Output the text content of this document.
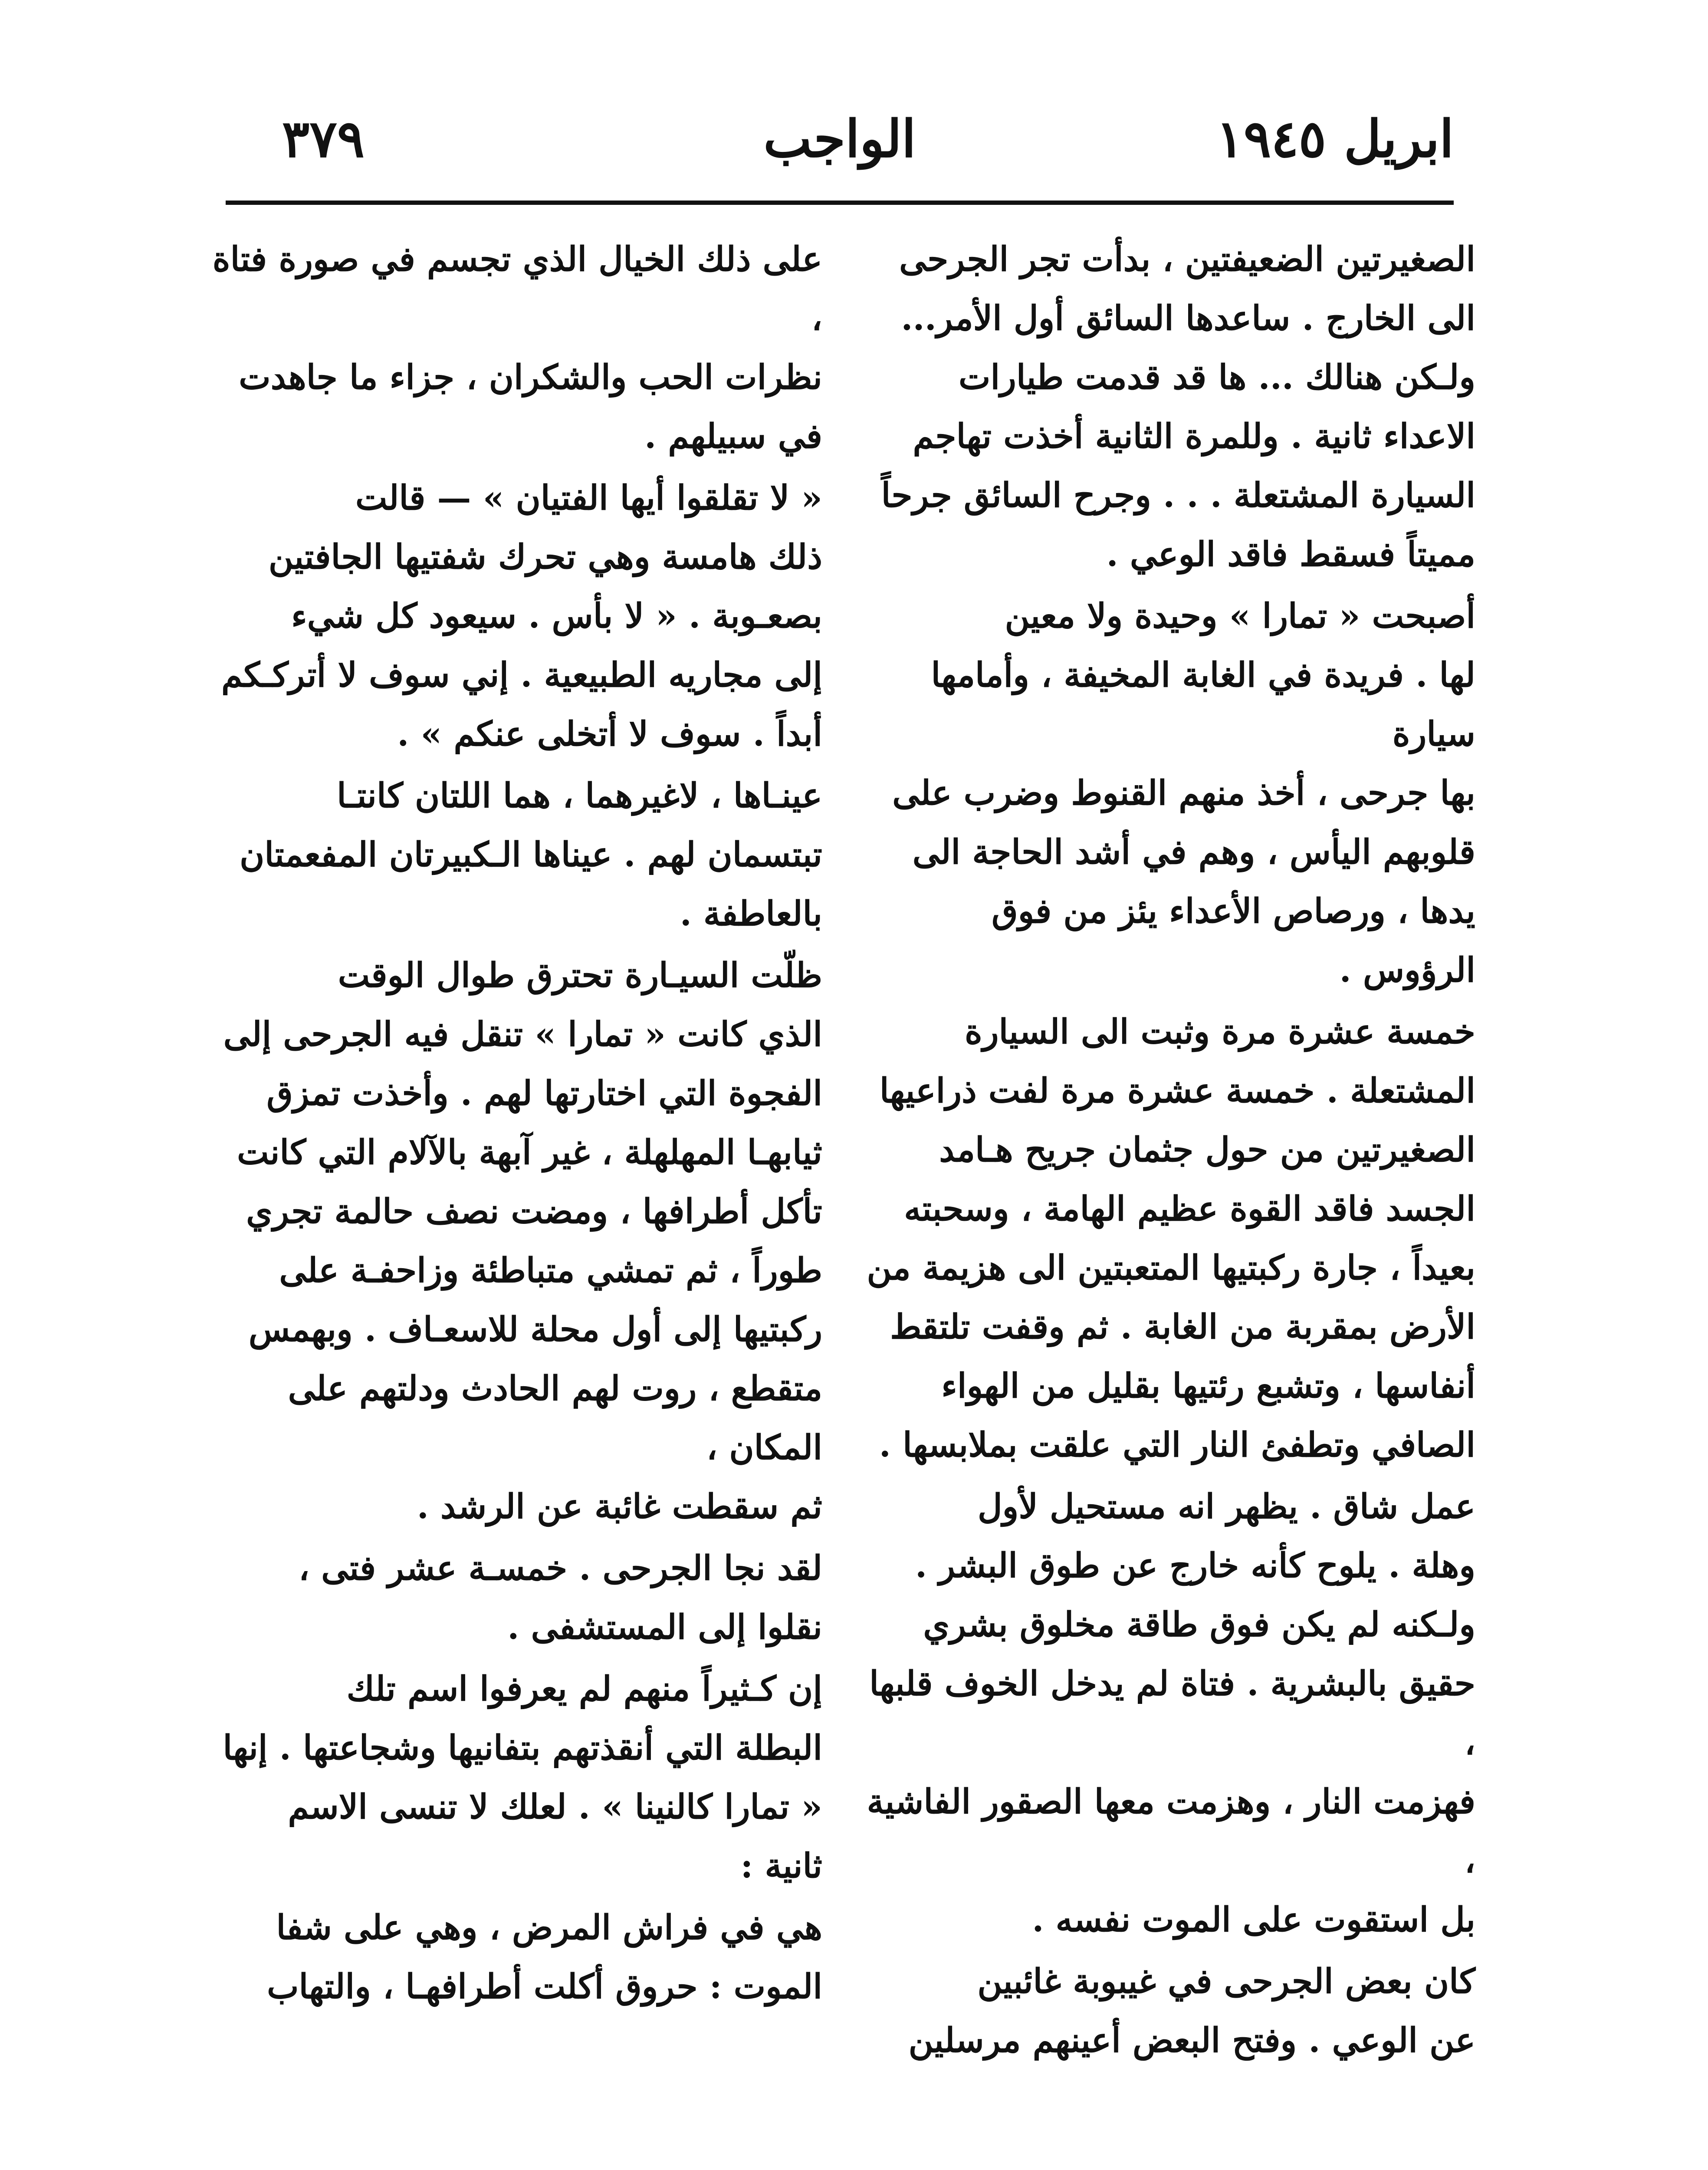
ابريل ١٩٤٥
الواجب
٣٧٩

الصغيرتين الضعيفتين ، بدأت تجر الجرحى
الى الخارج . ساعدها السائق أول الأمر...
ولـكن هنالك ... ها قد قدمت طيارات
الاعداء ثانية . وللمرة الثانية أخذت تهاجم
السيارة المشتعلة . . . وجرح السائق جرحاً
مميتاً فسقط فاقد الوعي .

أصبحت « تمارا » وحيدة ولا معين
لها . فريدة في الغابة المخيفة ، وأمامها سيارة
بها جرحى ، أخذ منهم القنوط وضرب على
قلوبهم اليأس ، وهم في أشد الحاجة الى
يدها ، ورصاص الأعداء يئز من فوق
الرؤوس .

خمسة عشرة مرة وثبت الى السيارة
المشتعلة . خمسة عشرة مرة لفت ذراعيها
الصغيرتين من حول جثمان جريح هـامد
الجسد فاقد القوة عظيم الهامة ، وسحبته
بعيداً ، جارة ركبتيها المتعبتين الى هزيمة من
الأرض بمقربة من الغابة . ثم وقفت تلتقط
أنفاسها ، وتشبع رئتيها بقليل من الهواء
الصافي وتطفئ النار التي علقت بملابسها .

عمل شاق . يظهر انه مستحيل لأول
وهلة . يلوح كأنه خارج عن طوق البشر .
ولـكنه لم يكن فوق طاقة مخلوق بشري
حقيق بالبشرية . فتاة لم يدخل الخوف قلبها ،
فهزمت النار ، وهزمت معها الصقور الفاشية ،
بل استقوت على الموت نفسه .

كان بعض الجرحى في غيبوبة غائبين
عن الوعي . وفتح البعض أعينهم مرسلين

على ذلك الخيال الذي تجسم في صورة فتاة ،
نظرات الحب والشكران ، جزاء ما جاهدت
في سبيلهم .

« لا تقلقوا أيها الفتيان » — قالت
ذلك هامسة وهي تحرك شفتيها الجافتين
بصعـوبة . « لا بأس . سيعود كل شيء
إلى مجاريه الطبيعية . إني سوف لا أتركـكم
أبداً . سوف لا أتخلى عنكم » .

عينـاها ، لاغيرهما ، هما اللتان كانتـا
تبتسمان لهم . عيناها الـكبيرتان المفعمتان
بالعاطفة .

ظلّت السيـارة تحترق طوال الوقت
الذي كانت « تمارا » تنقل فيه الجرحى إلى
الفجوة التي اختارتها لهم . وأخذت تمزق
ثيابهـا المهلهلة ، غير آبهة بالآلام التي كانت
تأكل أطرافها ، ومضت نصف حالمة تجري
طوراً ، ثم تمشي متباطئة وزاحفـة على
ركبتيها إلى أول محلة للاسعـاف . وبهمس
متقطع ، روت لهم الحادث ودلتهم على المكان ،
ثم سقطت غائبة عن الرشد .

لقد نجا الجرحى . خمسـة عشر فتى ،
نقلوا إلى المستشفى .

إن كـثيراً منهم لم يعرفوا اسم تلك
البطلة التي أنقذتهم بتفانيها وشجاعتها . إنها
« تمارا كالنينا » . لعلك لا تنسى الاسم
ثانية :

هي في فراش المرض ، وهي على شفا
الموت : حروق أكلت أطرافهـا ، والتهاب
